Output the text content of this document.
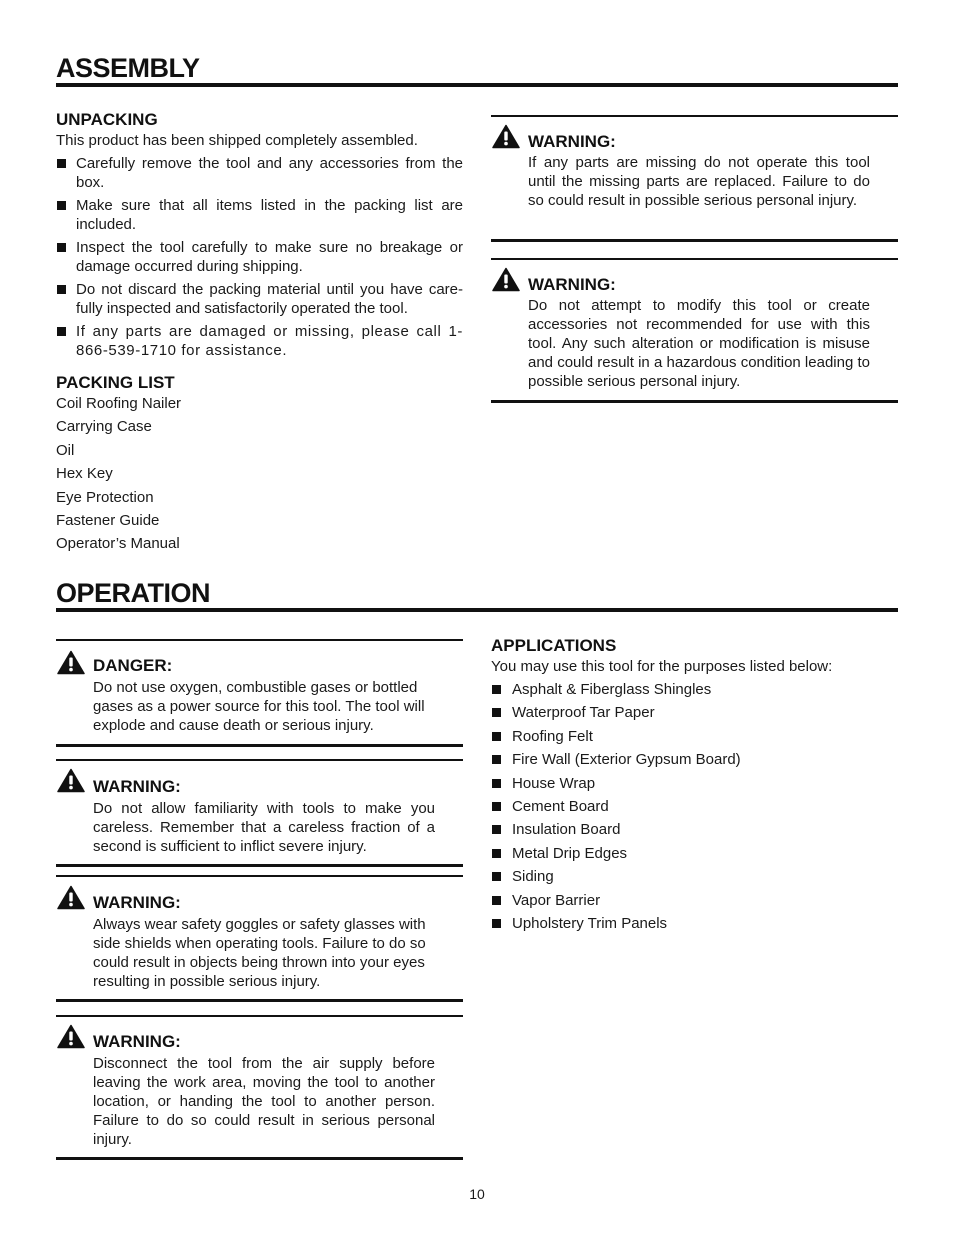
ASSEMBLY
UNPACKING
This product has been shipped completely assembled.
Carefully remove the tool and any accessories from the box.
Make sure that all items listed in the packing list are included.
Inspect the tool carefully to make sure no breakage or damage occurred during shipping.
Do not discard the packing material until you have care-fully inspected and satisfactorily operated the tool.
If any parts are damaged or missing, please call 1-866-539-1710 for assistance.
PACKING LIST
Coil Roofing Nailer
Carrying Case
Oil
Hex Key
Eye Protection
Fastener Guide
Operator’s Manual
WARNING:
If any parts are missing do not operate this tool until the missing parts are replaced. Failure to do so could result in possible serious personal injury.
WARNING:
Do not attempt to modify this tool or create accessories not recommended for use with this tool. Any such alteration or modification is misuse and could result in a hazardous condition leading to possible serious personal injury.
OPERATION
DANGER:
Do not use oxygen, combustible gases or bottled gases as a power source for this tool. The tool will explode and cause death or serious injury.
WARNING:
Do not allow familiarity with tools to make you careless. Remember that a careless fraction of a second is sufficient to inflict severe injury.
WARNING:
Always wear safety goggles or safety glasses with side shields when operating tools. Failure to do so could result in objects being thrown into your eyes resulting in possible serious injury.
WARNING:
Disconnect the tool from the air supply before leaving the work area, moving the tool to another location, or handing the tool to another person. Failure to do so could result in serious personal injury.
APPLICATIONS
You may use this tool for the purposes listed below:
Asphalt & Fiberglass Shingles
Waterproof Tar Paper
Roofing Felt
Fire Wall (Exterior Gypsum Board)
House Wrap
Cement Board
Insulation Board
Metal Drip Edges
Siding
Vapor Barrier
Upholstery Trim Panels
10
